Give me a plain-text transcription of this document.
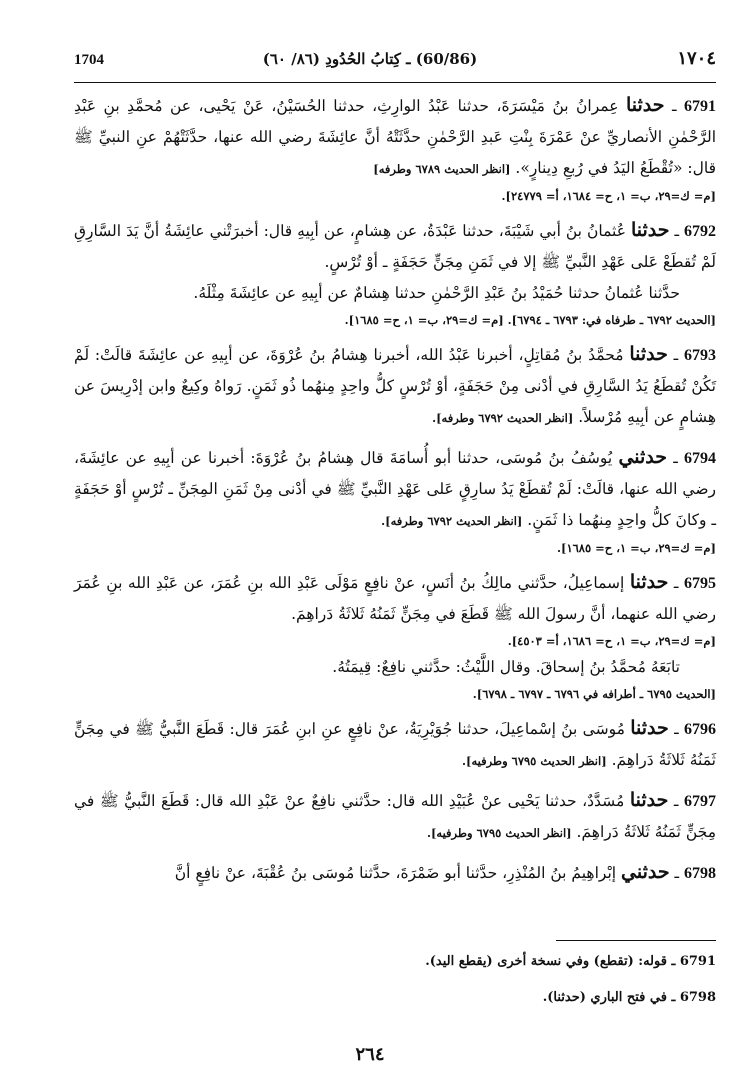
1704	(60/86) ـ كِتابُ الحُدُودِ (٨٦/ ٦٠)	١٧٠٤

6791 ـ حدثنا عِمرانُ بنُ مَيْسَرَةَ، حدثنا عَبْدُ الوارِثِ، حدثنا الحُسَيْنُ، عَنْ يَحْيى، عن مُحمَّدِ بنِ عَبْدِ الرَّحْمٰنِ الأنصاريِّ عنْ عَمْرَةَ بِنْتِ عَبدِ الرَّحْمٰنِ حدَّثَتْهُ أنَّ عائِشَةَ رضي الله عنها، حدَّثَتْهُمْ عنِ النبيِّ ﷺ قال: «تُقْطَعُ اليَدُ في رُبعِ دِينارٍ». [انظر الحديث ٦٧٨٩ وطرفه]

[م= ك=٢٩، ب= ١، ح= ١٦٨٤، أ= ٢٤٧٧٩].

6792 ـ حدثنا عُثمانُ بنُ أبي شَيْبَةَ، حدثنا عَبْدَةُ، عن هِشامٍ، عن أبِيهِ قال: أخبرَتْني عائِشَةُ أنَّ يَدَ السَّارِقِ لَمْ تُقطَعْ عَلى عَهْدِ النَّبيِّ ﷺ إلا في ثَمَنِ مِجَنٍّ حَجَفَةٍ ـ أوْ تُرْسٍ.

حدَّثنا عُثمانُ حدثنا حُمَيْدُ بنُ عَبْدِ الرَّحْمٰنِ حدثنا هِشامٌ عن أبِيهِ عن عائِشَةَ مِثْلَهُ.

[الحديث ٦٧٩٢ ـ طرفاه في: ٦٧٩٣ ـ ٦٧٩٤]. [م= ك=٢٩، ب= ١، ح= ١٦٨٥].

6793 ـ حدثنا مُحمَّدُ بنُ مُقاتِلٍ، أخبرنا عَبْدُ الله، أخبرنا هِشامُ بنُ عُرْوَةَ، عن أبِيهِ عن عائِشَةَ قالَتْ: لَمْ تَكُنْ تُقطَعُ يَدُ السَّارِقِ في أدْنى مِنْ حَجَفَةٍ، أوْ تُرْسٍ كلُّ واحِدٍ مِنهُما ذُو ثَمَنٍ. رَواهُ وكِيعٌ وابن إدْرِيسَ عن هِشامٍ عن أبِيهِ مُرْسلاً. [انظر الحديث ٦٧٩٢ وطرفه].

6794 ـ حدثني يُوسُفُ بنُ مُوسَى، حدثنا أبو أُسامَةَ قال هِشامُ بنُ عُرْوَةَ: أخبرنا عن أبِيهِ عن عائِشَةَ، رضي الله عنها، قالَتْ: لَمْ تُقطَعْ يَدُ سارِقٍ عَلى عَهْدِ النَّبيِّ ﷺ في أدْنى مِنْ ثَمَنِ المِجَنِّ ـ تُرْسٍ أوْ حَجَفَةٍ ـ وكانَ كلُّ واحِدٍ مِنهُما ذا ثَمَنٍ. [انظر الحديث ٦٧٩٢ وطرفه].

[م= ك=٢٩، ب= ١، ح= ١٦٨٥].

6795 ـ حدثنا إسماعِيلُ، حدَّثني مالِكُ بنُ أنَسٍ، عنْ نافِعٍ مَوْلَى عَبْدِ الله بنِ عُمَرَ، عن عَبْدِ الله بنِ عُمَرَ رضي الله عنهما، أنَّ رسولَ الله ﷺ قَطَعَ في مِجَنٍّ ثَمَنُهُ ثَلاثَةُ دَراهِمَ.

[م= ك=٢٩، ب= ١، ح= ١٦٨٦، أ= ٤٥٠٣].

تابَعَهُ مُحمَّدُ بنُ إسحاقَ. وقال اللَّيْثُ: حدَّثني نافِعٌ: قِيمَتُهُ.

[الحديث ٦٧٩٥ ـ أطرافه في ٦٧٩٦ ـ ٦٧٩٧ ـ ٦٧٩٨].

6796 ـ حدثنا مُوسَى بنُ إسْماعِيلَ، حدثنا جُوَيْرِيَةُ، عنْ نافِعٍ عنِ ابنِ عُمَرَ قال: قَطَعَ النَّبيُّ ﷺ في مِجَنٍّ ثَمَنُهُ ثَلاثَةُ دَراهِمَ. [انظر الحديث ٦٧٩٥ وطرفيه].

6797 ـ حدثنا مُسَدَّدٌ، حدثنا يَحْيى عنْ عُبَيْدِ الله قال: حدَّثني نافِعٌ عنْ عَبْدِ الله قال: قَطَعَ النَّبيُّ ﷺ في مِجَنٍّ ثَمَنُهُ ثَلاثَةُ دَراهِمَ. [انظر الحديث ٦٧٩٥ وطرفيه].

6798 ـ حدثني إبْراهِيمُ بنُ المُنْذِرِ، حدَّثنا أبو ضَمْرَةَ، حدَّثنا مُوسَى بنُ عُقْبَةَ، عنْ نافِعٍ أنَّ

6791 ـ قوله: (تقطع) وفي نسخة أخرى (يقطع اليد).

6798 ـ في فتح الباري (حدثنا).

٢٦٤
